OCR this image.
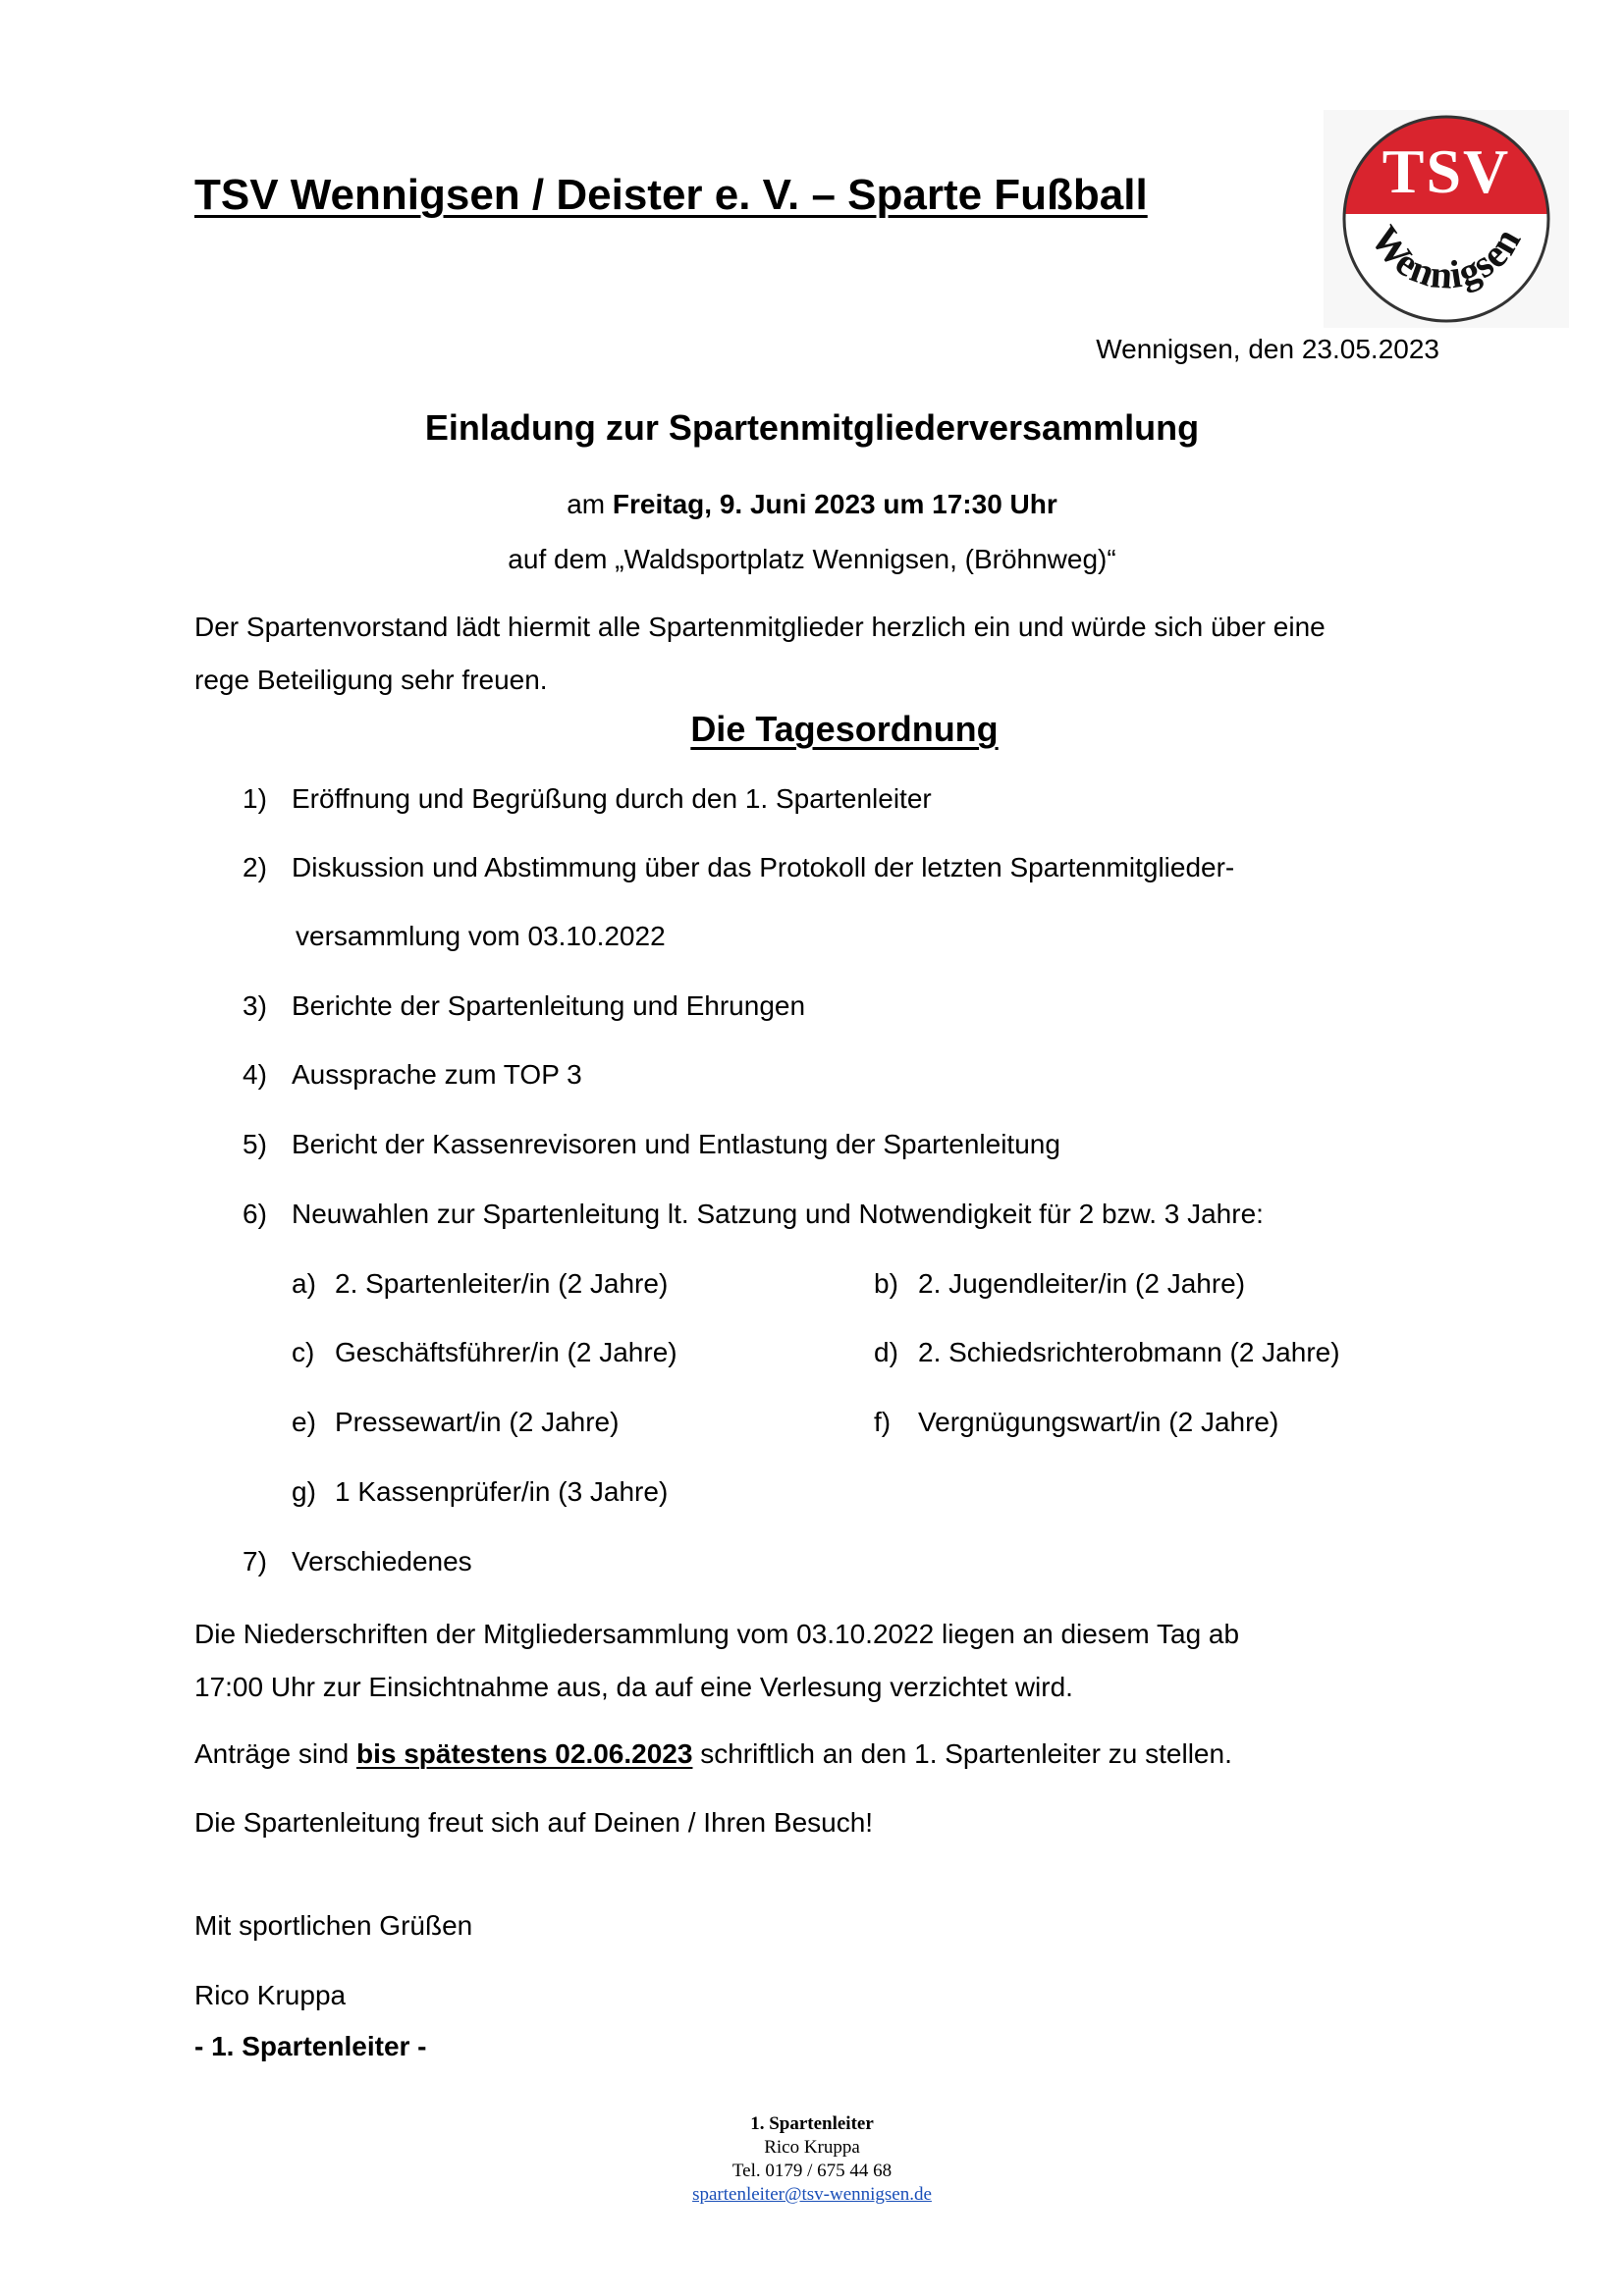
TSV Wennigsen / Deister e. V. – Sparte Fußball	TSV
Wennigsen
Wennigsen, den 23.05.2023
Einladung zur Spartenmitgliederversammlung
am Freitag, 9. Juni 2023 um 17:30 Uhr
auf dem „Waldsportplatz Wennigsen, (Bröhnweg)“
Der Spartenvorstand lädt hiermit alle Spartenmitglieder herzlich ein und würde sich über eine
rege Beteiligung sehr freuen.
Die Tagesordnung
1) Eröffnung und Begrüßung durch den 1. Spartenleiter
2) Diskussion und Abstimmung über das Protokoll der letzten Spartenmitglieder-
versammlung vom 03.10.2022
3) Berichte der Spartenleitung und Ehrungen
4) Aussprache zum TOP 3
5) Bericht der Kassenrevisoren und Entlastung der Spartenleitung
6) Neuwahlen zur Spartenleitung lt. Satzung und Notwendigkeit für 2 bzw. 3 Jahre:
a) 2. Spartenleiter/in (2 Jahre)	b) 2. Jugendleiter/in (2 Jahre)
c) Geschäftsführer/in (2 Jahre)	d) 2. Schiedsrichterobmann (2 Jahre)
e) Pressewart/in (2 Jahre)	f) Vergnügungswart/in (2 Jahre)
g) 1 Kassenprüfer/in (3 Jahre)
7) Verschiedenes
Die Niederschriften der Mitgliedersammlung vom 03.10.2022 liegen an diesem Tag ab
17:00 Uhr zur Einsichtnahme aus, da auf eine Verlesung verzichtet wird.
Anträge sind bis spätestens 02.06.2023 schriftlich an den 1. Spartenleiter zu stellen.
Die Spartenleitung freut sich auf Deinen / Ihren Besuch!
Mit sportlichen Grüßen
Rico Kruppa
- 1. Spartenleiter -
1. Spartenleiter
Rico Kruppa
Tel. 0179 / 675 44 68
spartenleiter@tsv-wennigsen.de
